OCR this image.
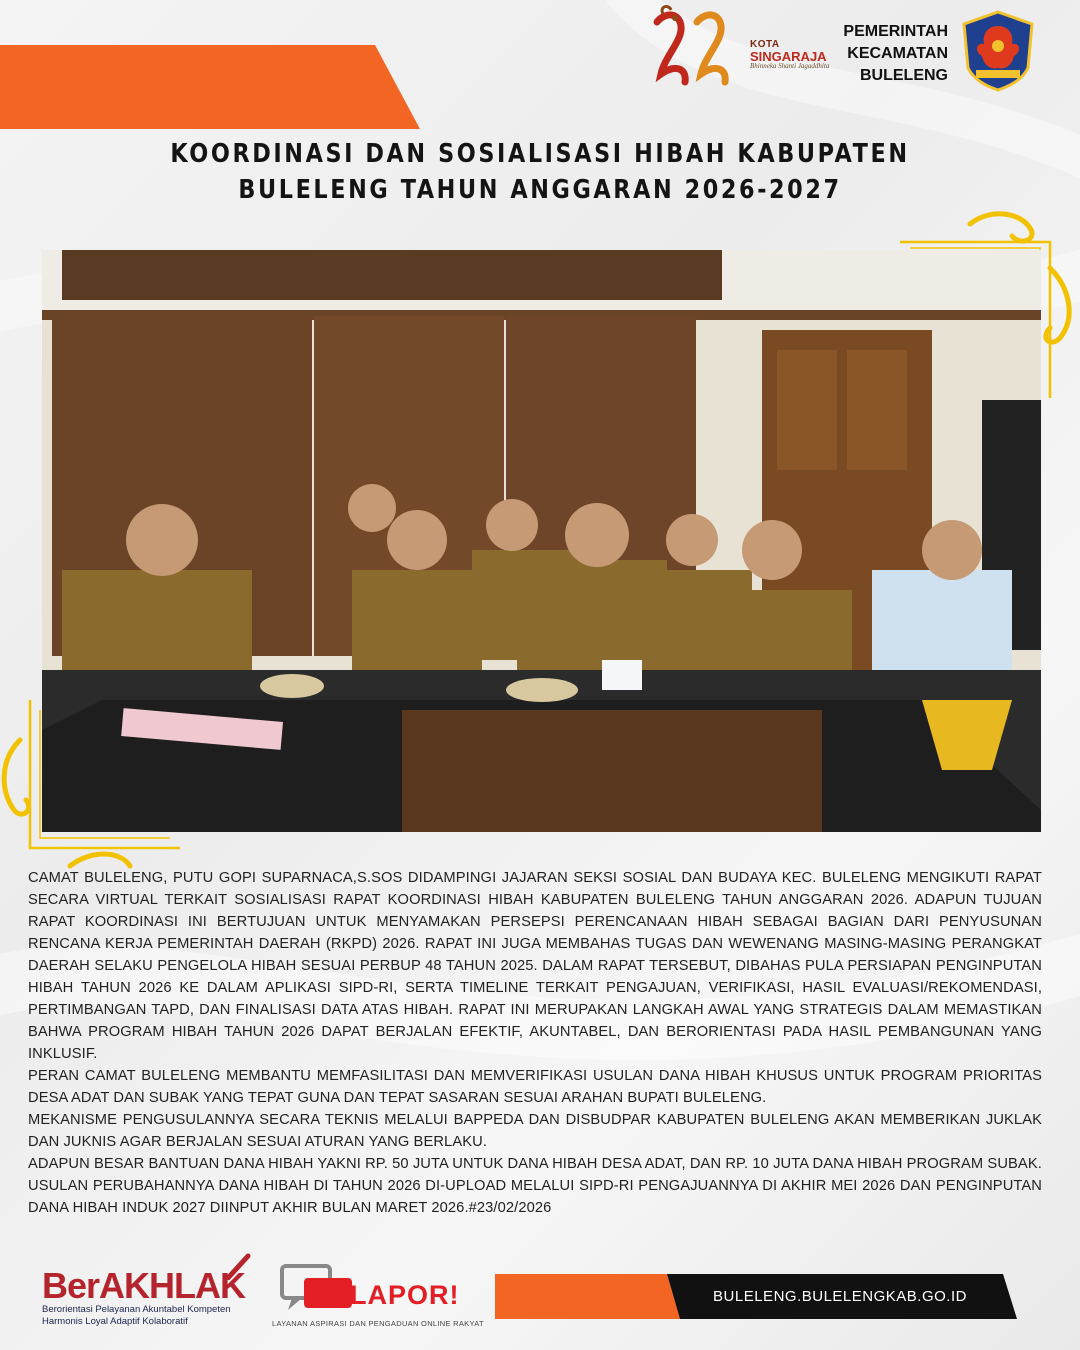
KOTA
SINGARAJA
Bhinneka Shanti Jagaddhita
PEMERINTAH
KECAMATAN
BULELENG
KOORDINASI DAN SOSIALISASI HIBAH KABUPATEN
BULELENG TAHUN ANGGARAN 2026-2027

CAMAT BULELENG, PUTU GOPI SUPARNACA,S.SOS DIDAMPINGI JAJARAN SEKSI SOSIAL DAN BUDAYA KEC. BULELENG MENGIKUTI RAPAT SECARA VIRTUAL TERKAIT SOSIALISASI RAPAT KOORDINASI HIBAH KABUPATEN BULELENG TAHUN ANGGARAN 2026. ADAPUN TUJUAN RAPAT KOORDINASI INI BERTUJUAN UNTUK MENYAMAKAN PERSEPSI PERENCANAAN HIBAH SEBAGAI BAGIAN DARI PENYUSUNAN RENCANA KERJA PEMERINTAH DAERAH (RKPD) 2026. RAPAT INI JUGA MEMBAHAS TUGAS DAN WEWENANG MASING-MASING PERANGKAT DAERAH SELAKU PENGELOLA HIBAH SESUAI PERBUP 48 TAHUN 2025. DALAM RAPAT TERSEBUT, DIBAHAS PULA PERSIAPAN PENGINPUTAN HIBAH TAHUN 2026 KE DALAM APLIKASI SIPD-RI, SERTA TIMELINE TERKAIT PENGAJUAN, VERIFIKASI, HASIL EVALUASI/REKOMENDASI, PERTIMBANGAN TAPD, DAN FINALISASI DATA ATAS HIBAH. RAPAT INI MERUPAKAN LANGKAH AWAL YANG STRATEGIS DALAM MEMASTIKAN BAHWA PROGRAM HIBAH TAHUN 2026 DAPAT BERJALAN EFEKTIF, AKUNTABEL, DAN BERORIENTASI PADA HASIL PEMBANGUNAN YANG INKLUSIF.

PERAN CAMAT BULELENG MEMBANTU MEMFASILITASI DAN MEMVERIFIKASI USULAN DANA HIBAH KHUSUS UNTUK PROGRAM PRIORITAS DESA ADAT DAN SUBAK YANG TEPAT GUNA DAN TEPAT SASARAN SESUAI ARAHAN BUPATI BULELENG.

MEKANISME PENGUSULANNYA SECARA TEKNIS MELALUI BAPPEDA DAN DISBUDPAR KABUPATEN BULELENG AKAN MEMBERIKAN JUKLAK DAN JUKNIS AGAR BERJALAN SESUAI ATURAN YANG BERLAKU.

ADAPUN BESAR BANTUAN DANA HIBAH YAKNI RP. 50 JUTA UNTUK DANA HIBAH DESA ADAT, DAN RP. 10 JUTA DANA HIBAH PROGRAM SUBAK.

USULAN PERUBAHANNYA DANA HIBAH DI TAHUN 2026 DI-UPLOAD MELALUI SIPD-RI PENGAJUANNYA DI AKHIR MEI 2026 DAN PENGINPUTAN DANA HIBAH INDUK 2027 DIINPUT AKHIR BULAN MARET 2026.#23/02/2026

BerAKHLAK
Berorientasi Pelayanan Akuntabel Kompeten
Harmonis Loyal Adaptif Kolaboratif
LAPOR!
LAYANAN ASPIRASI DAN PENGADUAN ONLINE RAKYAT
BULELENG.BULELENGKAB.GO.ID
